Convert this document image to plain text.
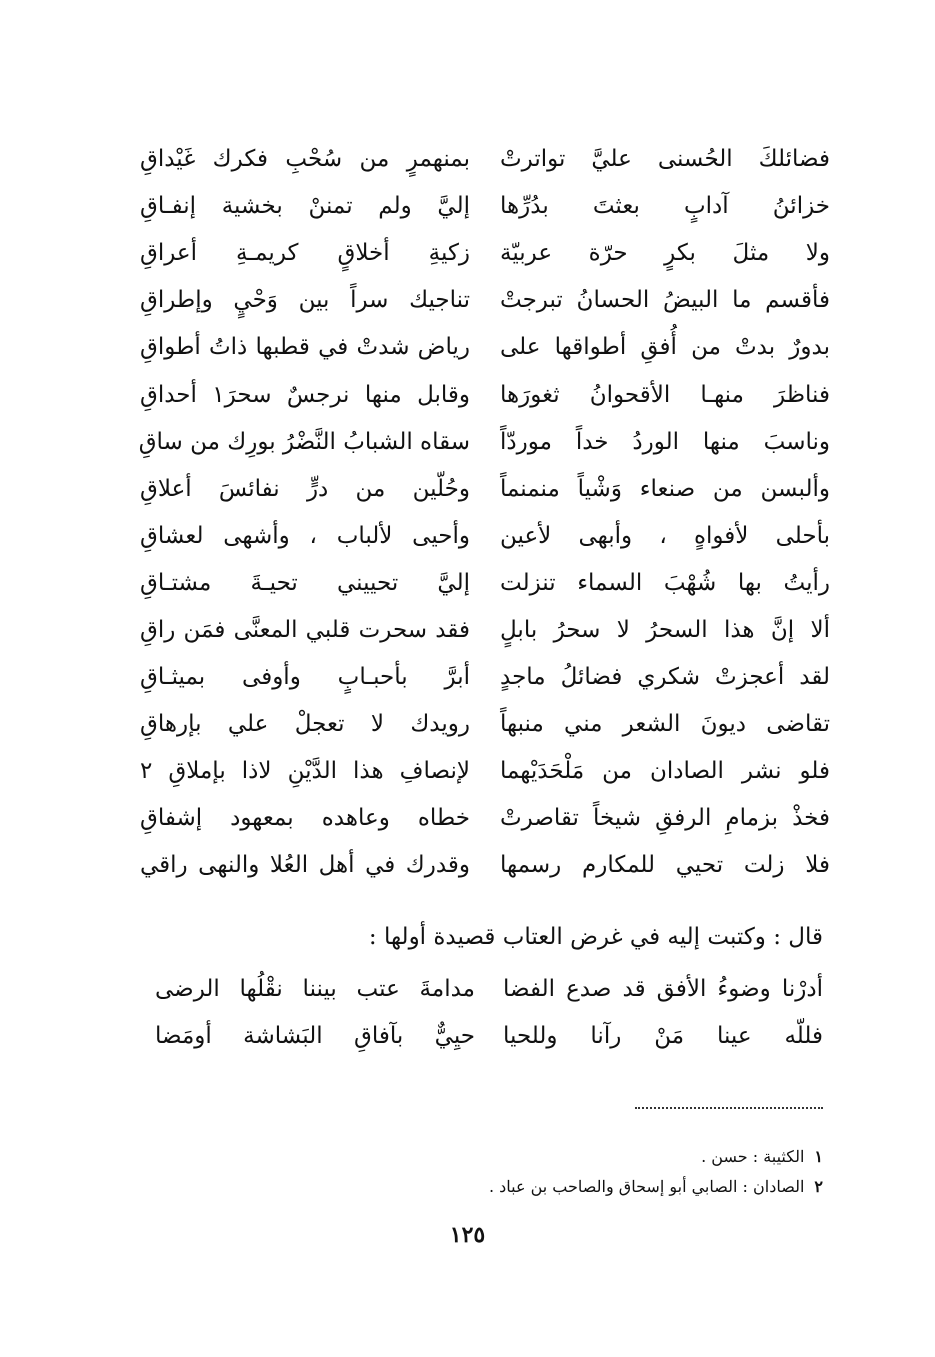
فضائلكَ الحُسنى عليَّ تواترتْ
بمنهمرٍ من سُحْبِ فكرك غَيْداقِ
خزائنُ آدابٍ بعثتَ بدُرِّها
إليَّ ولم تمننْ بخشية إنفـاقِ
ولا مثلَ بكرٍ حرّة عربيّة
زكيةِ أخلاقٍ كريمـةِ أعراقِ
فأقسم ما البيضُ الحسانُ تبرجتْ
تناجيك سراً بين وَحْيٍ وإطراقِ
بدورٌ بدتْ من أُفقِ أطواقها على
رياض شدتْ في قطبها ذاتُ أطواقِ
فناظرَ منهـا الأقحوانُ ثغورَها
وقابل منها نرجسٌ سحرَ١ أحداقِ
وناسبَ منها الوردُ خداً موردّاً
سقاه الشبابُ النَّضْرُ بورِك من ساقِ
وألبسن من صنعاء وَشْياً منمنماً
وحُلّين من درٍّ نفائسَ أعلاقِ
بأحلى لأفواهٍ ، وأبهى لأعين
وأحيى لألباب ، وأشهى لعشاقِ
رأيتُ بها شُهْبَ السماء تنزلت
إليَّ تحييني تحيـةَ مشتـاقِ
ألا إنَّ هذا السحرُ لا سحرُ بابلٍ
فقد سحرت قلبي المعنَّى فمَن راقِ
لقد أعجزتْ شكري فضائلُ ماجدٍ
أبرَّ بأحبـابٍ وأوفى بميثـاقِ
تقاضى ديونَ الشعر مني منبهاً
رويدك لا تعجلْ علي بإرهاقِ
فلو نشر الصادان من مَلْحَدَيْهما
لإنصافِ هذا الدَّيْنِ لاذا بإملاقِ ٢
فخذْ بزمامِ الرفقِ شيخاً تقاصرتْ
خطاه وعاهده بمعهود إشفاقِ
فلا زلت تحيي للمكارم رسمها
وقدرك في أهل العُلا والنهى راقي
قال : وكتبت إليه في غرض العتاب قصيدة أولها :
أدرْنا وضوءُ الأفق قد صدع الفضا
مدامةَ عتب بيننا نقْلُها الرضى
فللّه عينا مَنْ رآنا وللحيا
حيِيٌّ بآفاقِ البَشاشة أومَضا
١الكثيبة : حسن .
٢الصادان : الصابي أبو إسحاق والصاحب بن عباد .
١٢٥
